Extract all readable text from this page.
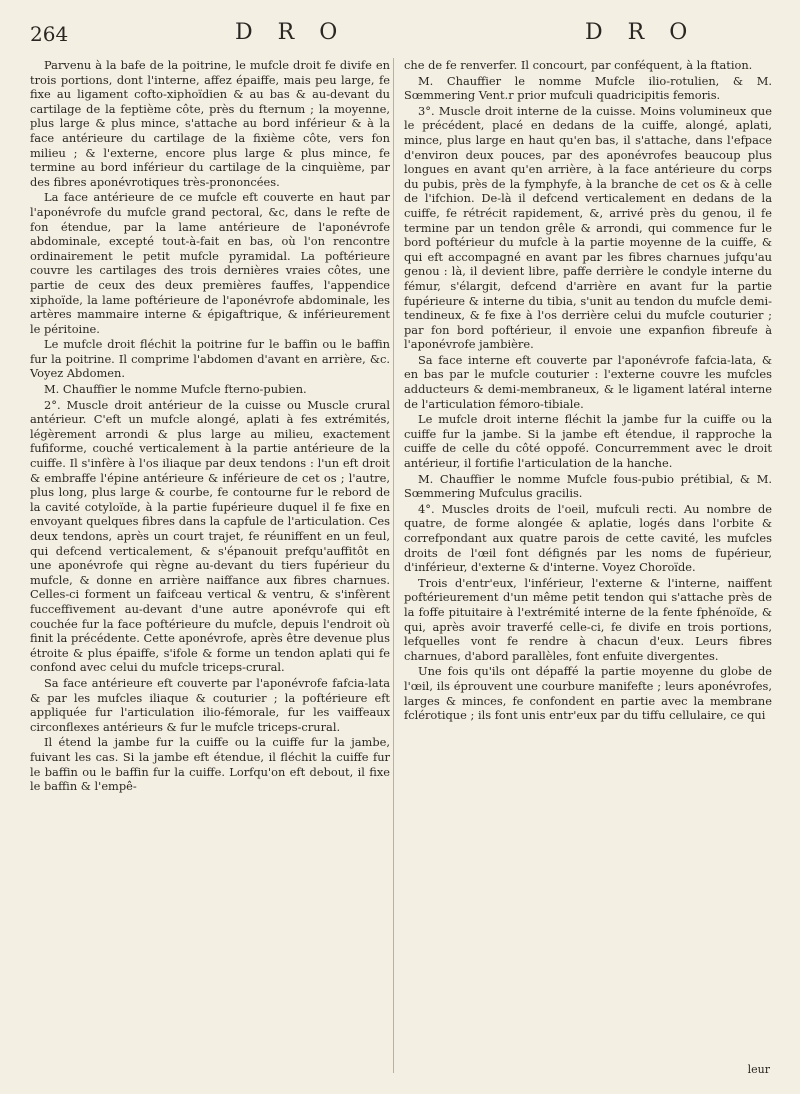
264	D R O	D R O

Parvenu à la bafe de la poitrine, le mufcle droit fe divife en trois portions, dont l'interne, affez épaiffe, mais peu large, fe fixe au ligament cofto-xiphoïdien & au bas & au-devant du cartilage de la feptième côte, près du fternum ; la moyenne, plus large & plus mince, s'attache au bord inférieur & à la face antérieure du cartilage de la fixième côte, vers fon milieu ; & l'externe, encore plus large & plus mince, fe termine au bord inférieur du cartilage de la cinquième, par des fibres aponévrotiques très-prononcées.

La face antérieure de ce mufcle eft couverte en haut par l'aponévrofe du mufcle grand pectoral, &c, dans le refte de fon étendue, par la lame antérieure de l'aponévrofe abdominale, excepté tout-à-fait en bas, où l'on rencontre ordinairement le petit mufcle pyramidal. La poftérieure couvre les cartilages des trois dernières vraies côtes, une partie de ceux des deux premières fauffes, l'appendice xiphoïde, la lame poftérieure de l'aponévrofe abdominale, les artères mammaire interne & épigaftrique, & inférieurement le péritoine.

Le mufcle droit fléchit la poitrine fur le baffin ou le baffin fur la poitrine. Il comprime l'abdomen d'avant en arrière, &c. Voyez Abdomen.

M. Chauffier le nomme Mufcle fterno-pubien.

2°. Muscle droit antérieur de la cuisse ou Muscle crural antérieur. C'eft un mufcle alongé, aplati à fes extrémités, légèrement arrondi & plus large au milieu, exactement fufiforme, couché verticalement à la partie antérieure de la cuiffe. Il s'infère à l'os iliaque par deux tendons : l'un eft droit & embraffe l'épine antérieure & inférieure de cet os ; l'autre, plus long, plus large & courbe, fe contourne fur le rebord de la cavité cotyloïde, à la partie fupérieure duquel il fe fixe en envoyant quelques fibres dans la capfule de l'articulation. Ces deux tendons, après un court trajet, fe réuniffent en un feul, qui defcend verticalement, & s'épanouit prefqu'auffitôt en une aponévrofe qui règne au-devant du tiers fupérieur du mufcle, & donne en arrière naiffance aux fibres charnues. Celles-ci forment un faifceau vertical & ventru, & s'infèrent fucceffivement au-devant d'une autre aponévrofe qui eft couchée fur la face poftérieure du mufcle, depuis l'endroit où finit la précédente. Cette aponévrofe, après être devenue plus étroite & plus épaiffe, s'ifole & forme un tendon aplati qui fe confond avec celui du mufcle triceps-crural.

Sa face antérieure eft couverte par l'aponévrofe fafcia-lata & par les mufcles iliaque & couturier ; la poftérieure eft appliquée fur l'articulation ilio-fémorale, fur les vaiffeaux circonflexes antérieurs & fur le mufcle triceps-crural.

Il étend la jambe fur la cuiffe ou la cuiffe fur la jambe, fuivant les cas. Si la jambe eft étendue, il fléchit la cuiffe fur le baffin ou le baffin fur la cuiffe. Lorfqu'on eft debout, il fixe le baffin & l'empê-

che de fe renverfer. Il concourt, par conféquent, à la ftation.

M. Chauffier le nomme Mufcle ilio-rotulien, & M. Sœmmering Vent.r prior mufculi quadricipitis femoris.

3°. Muscle droit interne de la cuisse. Moins volumineux que le précédent, placé en dedans de la cuiffe, alongé, aplati, mince, plus large en haut qu'en bas, il s'attache, dans l'efpace d'environ deux pouces, par des aponévrofes beaucoup plus longues en avant qu'en arrière, à la face antérieure du corps du pubis, près de la fymphyfe, à la branche de cet os & à celle de l'ifchion. De-là il defcend verticalement en dedans de la cuiffe, fe rétrécit rapidement, &, arrivé près du genou, il fe termine par un tendon grêle & arrondi, qui commence fur le bord poftérieur du mufcle à la partie moyenne de la cuiffe, & qui eft accompagné en avant par les fibres charnues jufqu'au genou : là, il devient libre, paffe derrière le condyle interne du fémur, s'élargit, defcend d'arrière en avant fur la partie fupérieure & interne du tibia, s'unit au tendon du mufcle demi-tendineux, & fe fixe à l'os derrière celui du mufcle couturier ; par fon bord poftérieur, il envoie une expanfion fibreufe à l'aponévrofe jambière.

Sa face interne eft couverte par l'aponévrofe fafcia-lata, & en bas par le mufcle couturier : l'externe couvre les mufcles adducteurs & demi-membraneux, & le ligament latéral interne de l'articulation fémoro-tibiale.

Le mufcle droit interne fléchit la jambe fur la cuiffe ou la cuiffe fur la jambe. Si la jambe eft étendue, il rapproche la cuiffe de celle du côté oppofé. Concurremment avec le droit antérieur, il fortifie l'articulation de la hanche.

M. Chauffier le nomme Mufcle fous-pubio prétibial, & M. Sœmmering Mufculus gracilis.

4°. Muscles droits de l'oeil, mufculi recti. Au nombre de quatre, de forme alongée & aplatie, logés dans l'orbite & correfpondant aux quatre parois de cette cavité, les mufcles droits de l'œil font défignés par les noms de fupérieur, d'inférieur, d'externe & d'interne. Voyez Choroïde.

Trois d'entr'eux, l'inférieur, l'externe & l'interne, naiffent poftérieurement d'un même petit tendon qui s'attache près de la foffe pituitaire à l'extrémité interne de la fente fphénoïde, & qui, après avoir traverfé celle-ci, fe divife en trois portions, lefquelles vont fe rendre à chacun d'eux. Leurs fibres charnues, d'abord parallèles, font enfuite divergentes.

Une fois qu'ils ont dépaffé la partie moyenne du globe de l'œil, ils éprouvent une courbure manifefte ; leurs aponévrofes, larges & minces, fe confondent en partie avec la membrane fclérotique ; ils font unis entr'eux par du tiffu cellulaire, ce qui

leur
